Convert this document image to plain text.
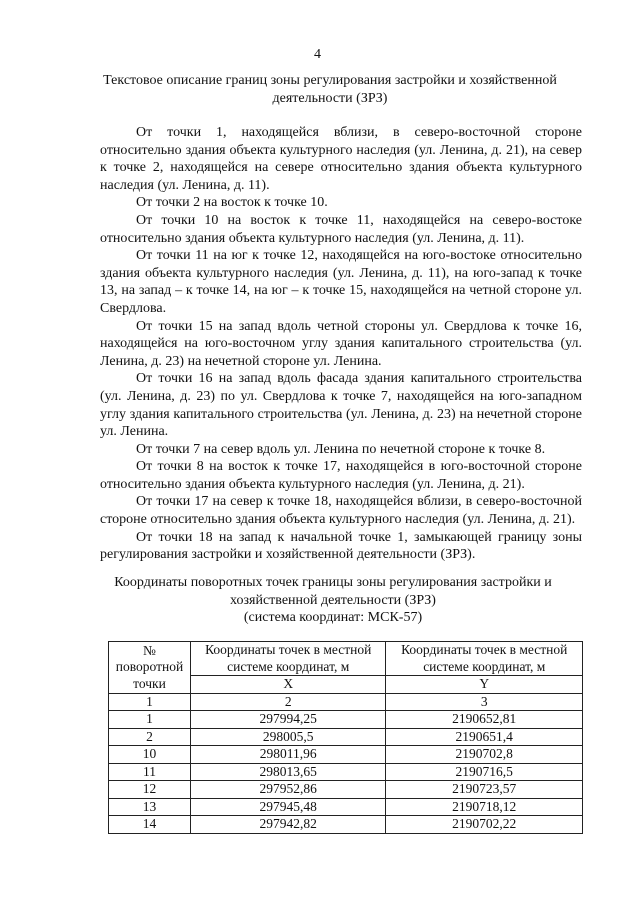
4
Текстовое описание границ зоны регулирования застройки и хозяйственной деятельности (ЗРЗ)

От точки 1, находящейся вблизи, в северо-восточной стороне относительно здания объекта культурного наследия (ул. Ленина, д. 21), на север к точке 2, находящейся на севере относительно здания объекта культурного наследия (ул. Ленина, д. 11).

От точки 2 на восток к точке 10.

От точки 10 на восток к точке 11, находящейся на северо-востоке относительно здания объекта культурного наследия (ул. Ленина, д. 11).

От точки 11 на юг к точке 12, находящейся на юго-востоке относительно здания объекта культурного наследия (ул. Ленина, д. 11), на юго-запад к точке 13, на запад – к точке 14, на юг – к точке 15, находящейся на четной стороне ул. Свердлова.

От точки 15 на запад вдоль четной стороны ул. Свердлова к точке 16, находящейся на юго-восточном углу здания капитального строительства (ул. Ленина, д. 23) на нечетной стороне ул. Ленина.

От точки 16 на запад вдоль фасада здания капитального строительства (ул. Ленина, д. 23) по ул. Свердлова к точке 7, находящейся на юго-западном углу здания капитального строительства (ул. Ленина, д. 23) на нечетной стороне ул. Ленина.

От точки 7 на север вдоль ул. Ленина по нечетной стороне к точке 8.

От точки 8 на восток к точке 17, находящейся в юго-восточной стороне относительно здания объекта культурного наследия (ул. Ленина, д. 21).

От точки 17 на север к точке 18, находящейся вблизи, в северо-восточной стороне относительно здания объекта культурного наследия (ул. Ленина, д. 21).

От точки 18 на запад к начальной точке 1, замыкающей границу зоны регулирования застройки и хозяйственной деятельности (ЗРЗ).

Координаты поворотных точек границы зоны регулирования застройки и хозяйственной деятельности (ЗРЗ)
(система координат: МСК-57)
№ поворотной точки	Координаты точек в местной системе координат, м	Координаты точек в местной системе координат, м
	X	Y
1	2	3
1	297994,25	2190652,81
2	298005,5	2190651,4
10	298011,96	2190702,8
11	298013,65	2190716,5
12	297952,86	2190723,57
13	297945,48	2190718,12
14	297942,82	2190702,22
